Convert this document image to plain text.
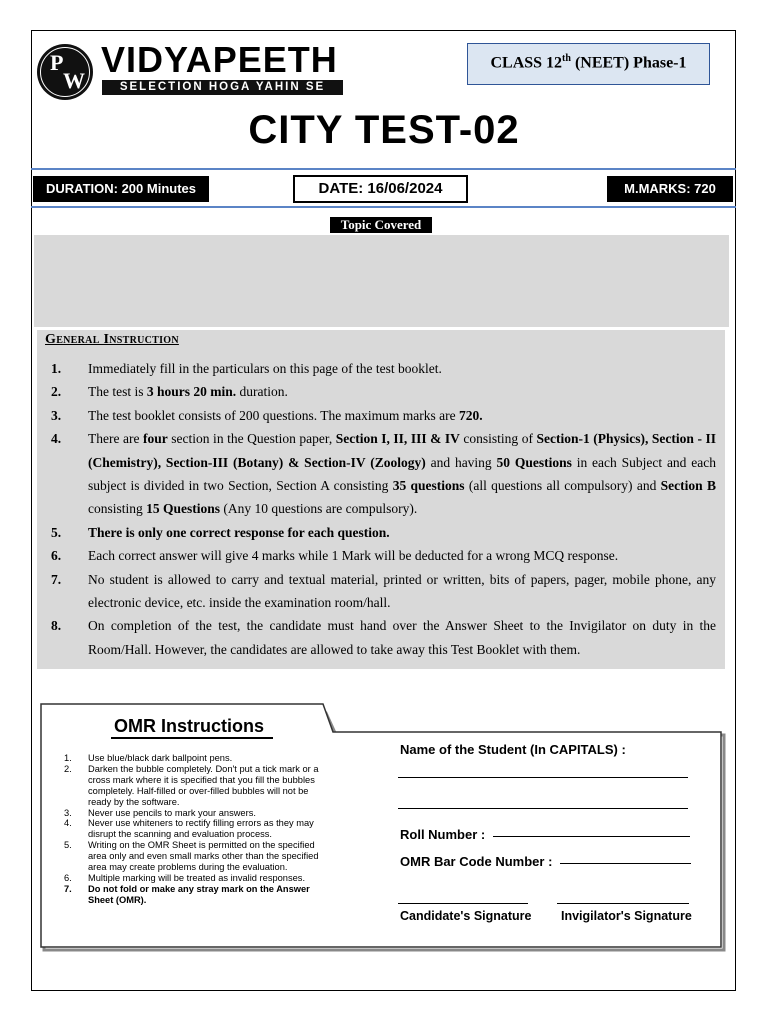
P
W
VIDYAPEETH
SELECTION HOGA YAHIN SE
CLASS 12th (NEET) Phase-1
CITY TEST-02
DURATION: 200 Minutes	DATE: 16/06/2024	M.MARKS: 720
Topic Covered
General Instruction
1. Immediately fill in the particulars on this page of the test booklet.
2. The test is 3 hours 20 min. duration.
3. The test booklet consists of 200 questions. The maximum marks are 720.
4. There are four section in the Question paper, Section I, II, III & IV consisting of Section-1 (Physics), Section - II (Chemistry), Section-III (Botany) & Section-IV (Zoology) and having 50 Questions in each Subject and each subject is divided in two Section, Section A consisting 35 questions (all questions all compulsory) and Section B consisting 15 Questions (Any 10 questions are compulsory).
5. There is only one correct response for each question.
6. Each correct answer will give 4 marks while 1 Mark will be deducted for a wrong MCQ response.
7. No student is allowed to carry and textual material, printed or written, bits of papers, pager, mobile phone, any electronic device, etc. inside the examination room/hall.
8. On completion of the test, the candidate must hand over the Answer Sheet to the Invigilator on duty in the Room/Hall. However, the candidates are allowed to take away this Test Booklet with them.
OMR Instructions
1. Use blue/black dark ballpoint pens.
2. Darken the bubble completely. Don't put a tick mark or a cross mark where it is specified that you fill the bubbles completely. Half-filled or over-filled bubbles will not be ready by the software.
3. Never use pencils to mark your answers.
4. Never use whiteners to rectify filling errors as they may disrupt the scanning and evaluation process.
5. Writing on the OMR Sheet is permitted on the specified area only and even small marks other than the specified area may create problems during the evaluation.
6. Multiple marking will be treated as invalid responses.
7. Do not fold or make any stray mark on the Answer Sheet (OMR).
Name of the Student (In CAPITALS) :
Roll Number :
OMR Bar Code Number :
Candidate's Signature Invigilator's Signature
